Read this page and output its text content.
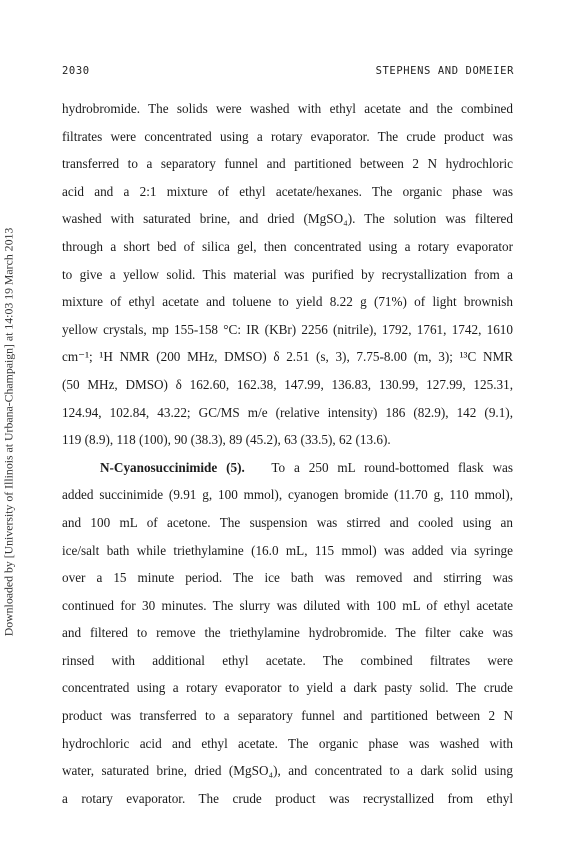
Downloaded by [University of Illinois at Urbana-Champaign] at 14:03 19 March 2013
2030	STEPHENS AND DOMEIER
hydrobromide. The solids were washed with ethyl acetate and the combined
filtrates were concentrated using a rotary evaporator. The crude product was
transferred to a separatory funnel and partitioned between 2 N hydrochloric
acid and a 2:1 mixture of ethyl acetate/hexanes. The organic phase was
washed with saturated brine, and dried (MgSO₄). The solution was filtered
through a short bed of silica gel, then concentrated using a rotary evaporator
to give a yellow solid. This material was purified by recrystallization from a
mixture of ethyl acetate and toluene to yield 8.22 g (71%) of light brownish
yellow crystals, mp 155-158 °C: IR (KBr) 2256 (nitrile), 1792, 1761, 1742, 1610
cm⁻¹; ¹H NMR (200 MHz, DMSO) δ 2.51 (s, 3), 7.75-8.00 (m, 3); ¹³C NMR
(50 MHz, DMSO) δ 162.60, 162.38, 147.99, 136.83, 130.99, 127.99, 125.31,
124.94, 102.84, 43.22; GC/MS m/e (relative intensity) 186 (82.9), 142 (9.1),
119 (8.9), 118 (100), 90 (38.3), 89 (45.2), 63 (33.5), 62 (13.6).
N-Cyanosuccinimide (5). To a 250 mL round-bottomed flask was
added succinimide (9.91 g, 100 mmol), cyanogen bromide (11.70 g, 110 mmol),
and 100 mL of acetone. The suspension was stirred and cooled using an
ice/salt bath while triethylamine (16.0 mL, 115 mmol) was added via syringe
over a 15 minute period. The ice bath was removed and stirring was
continued for 30 minutes. The slurry was diluted with 100 mL of ethyl acetate
and filtered to remove the triethylamine hydrobromide. The filter cake was
rinsed with additional ethyl acetate. The combined filtrates were
concentrated using a rotary evaporator to yield a dark pasty solid. The crude
product was transferred to a separatory funnel and partitioned between 2 N
hydrochloric acid and ethyl acetate. The organic phase was washed with
water, saturated brine, dried (MgSO₄), and concentrated to a dark solid using
a rotary evaporator. The crude product was recrystallized from ethyl
